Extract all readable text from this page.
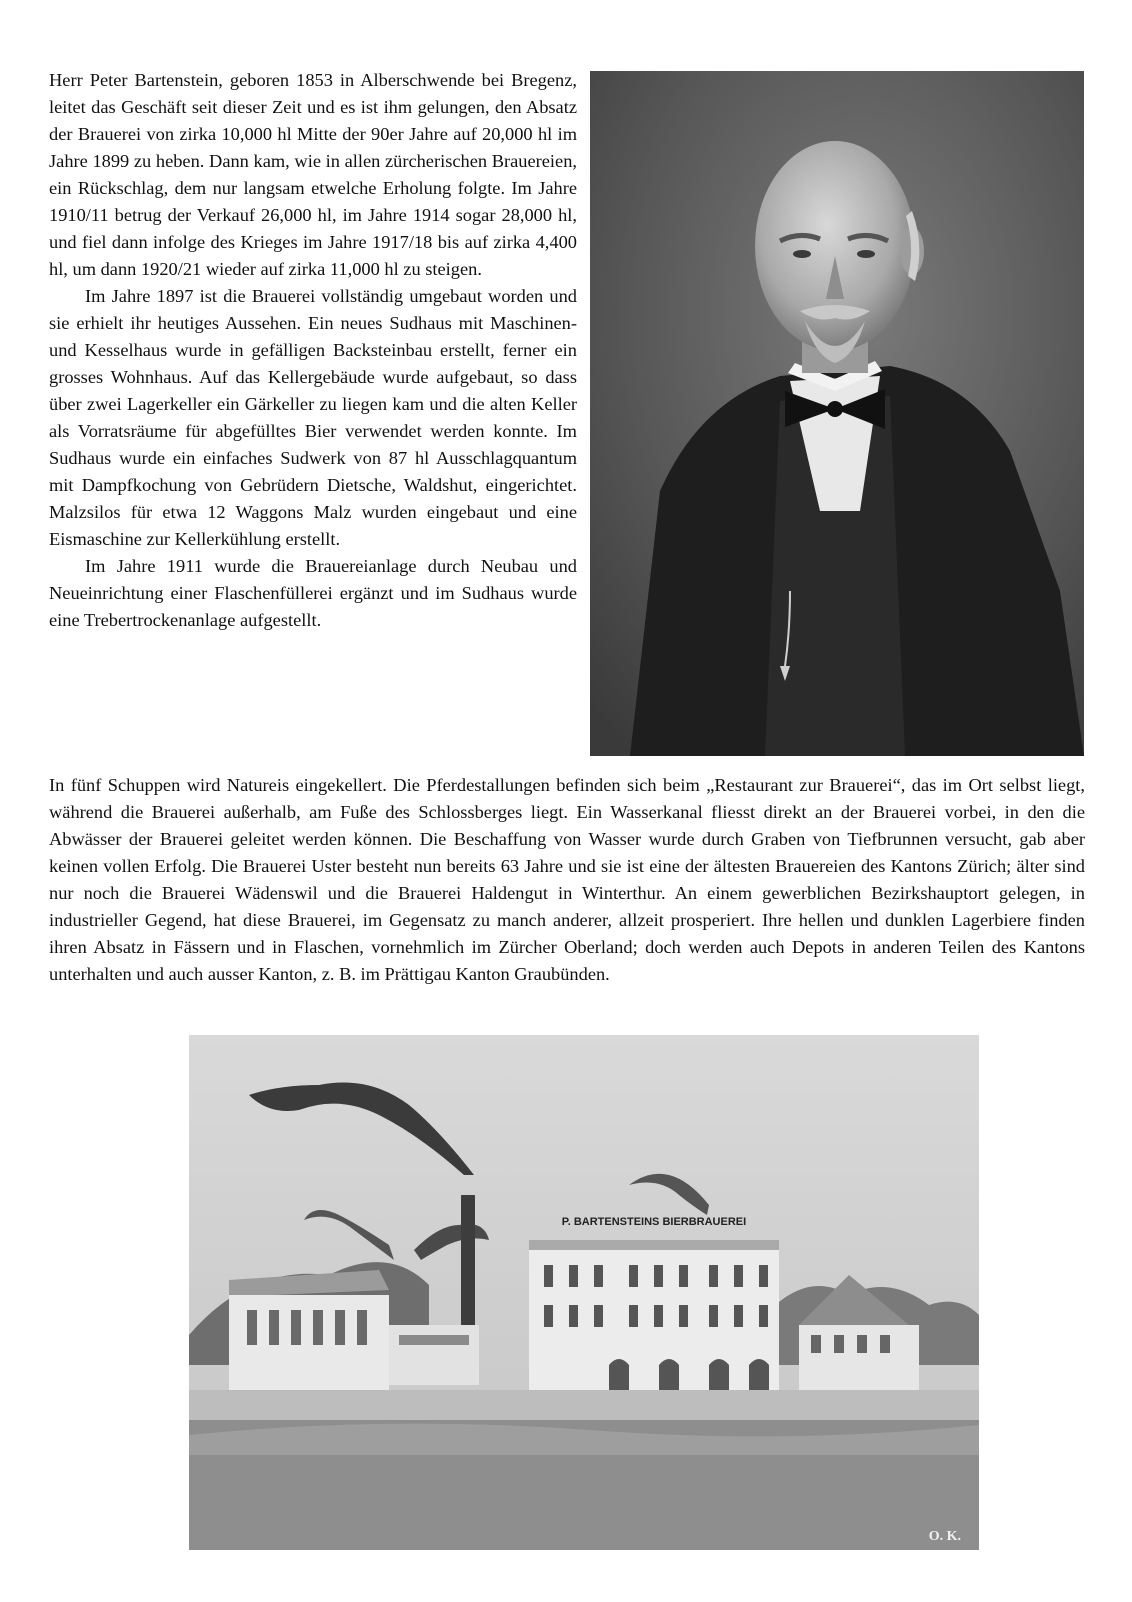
Herr Peter Bartenstein, geboren 1853 in Alberschwende bei Bregenz, leitet das Geschäft seit dieser Zeit und es ist ihm gelungen, den Absatz der Brauerei von zirka 10,000 hl Mitte der 90er Jahre auf 20,000 hl im Jahre 1899 zu heben. Dann kam, wie in allen zürcherischen Brauereien, ein Rückschlag, dem nur langsam etwelche Erholung folgte. Im Jahre 1910/11 betrug der Verkauf 26,000 hl, im Jahre 1914 sogar 28,000 hl, und fiel dann infolge des Krieges im Jahre 1917/18 bis auf zirka 4,400 hl, um dann 1920/21 wieder auf zirka 11,000 hl zu steigen.

Im Jahre 1897 ist die Brauerei vollständig umgebaut worden und sie erhielt ihr heutiges Aussehen. Ein neues Sudhaus mit Maschinen- und Kesselhaus wurde in gefälligen Backsteinbau erstellt, ferner ein grosses Wohnhaus. Auf das Kellergebäude wurde aufgebaut, so dass über zwei Lagerkeller ein Gärkeller zu liegen kam und die alten Keller als Vorratsräume für abgefülltes Bier verwendet werden konnte. Im Sudhaus wurde ein einfaches Sudwerk von 87 hl Ausschlagquantum mit Dampfkochung von Gebrüdern Dietsche, Waldshut, eingerichtet. Malzsilos für etwa 12 Waggons Malz wurden eingebaut und eine Eismaschine zur Kellerkühlung erstellt.

Im Jahre 1911 wurde die Brauereianlage durch Neubau und Neueinrichtung einer Flaschenfüllerei ergänzt und im Sudhaus wurde eine Trebertrockenanlage aufgestellt.

In fünf Schuppen wird Natureis eingekellert. Die Pferdestallungen befinden sich beim „Restaurant zur Brauerei“, das im Ort selbst liegt, während die Brauerei außerhalb, am Fuße des Schlossberges liegt. Ein Wasserkanal fliesst direkt an der Brauerei vorbei, in den die Abwässer der Brauerei geleitet werden können. Die Beschaffung von Wasser wurde durch Graben von Tiefbrunnen versucht, gab aber keinen vollen Erfolg. Die Brauerei Uster besteht nun bereits 63 Jahre und sie ist eine der ältesten Brauereien des Kantons Zürich; älter sind nur noch die Brauerei Wädenswil und die Brauerei Haldengut in Winterthur. An einem gewerblichen Bezirkshauptort gelegen, in industrieller Gegend, hat diese Brauerei, im Gegensatz zu manch anderer, allzeit prosperiert. Ihre hellen und dunklen Lagerbiere finden ihren Absatz in Fässern und in Flaschen, vornehmlich im Zürcher Oberland; doch werden auch Depots in anderen Teilen des Kantons unterhalten und auch ausser Kanton, z. B. im Prättigau Kanton Graubünden.

P. BARTENSTEINS BIERBRAUEREI
O. K.
